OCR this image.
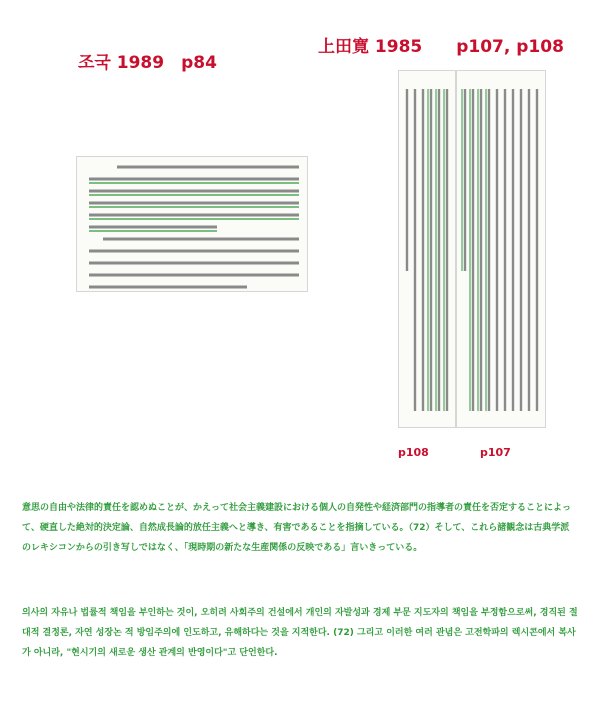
조국 1989　p84
上田寛 1985　　p107, p108
p108	p107

意思の自由や法律的責任を認めぬことが、かえって社会主義建設における個人の自発性や経済部門の指導者の責任を否定することによって、硬直した絶対的決定論、自然成長論的放任主義へと導き、有害であることを指摘している。（72）そして、これら諸観念は古典学派のレキシコンからの引き写しではなく、「現時期の新たな生産関係の反映である」言いきっている。

의사의 자유나 법률적 책임을 부인하는 것이, 오히려 사회주의 건설에서 개인의 자발성과 경제 부문 지도자의 책임을 부정함으로써, 경직된 절대적 결정론, 자연 성장논 적 방임주의에 인도하고, 유해하다는 것을 지적한다. (72) 그리고 이러한 여러 관념은 고전학파의 렉시콘에서 복사가 아니라, "현시기의 새로운 생산 관계의 반영이다"고 단언한다.
